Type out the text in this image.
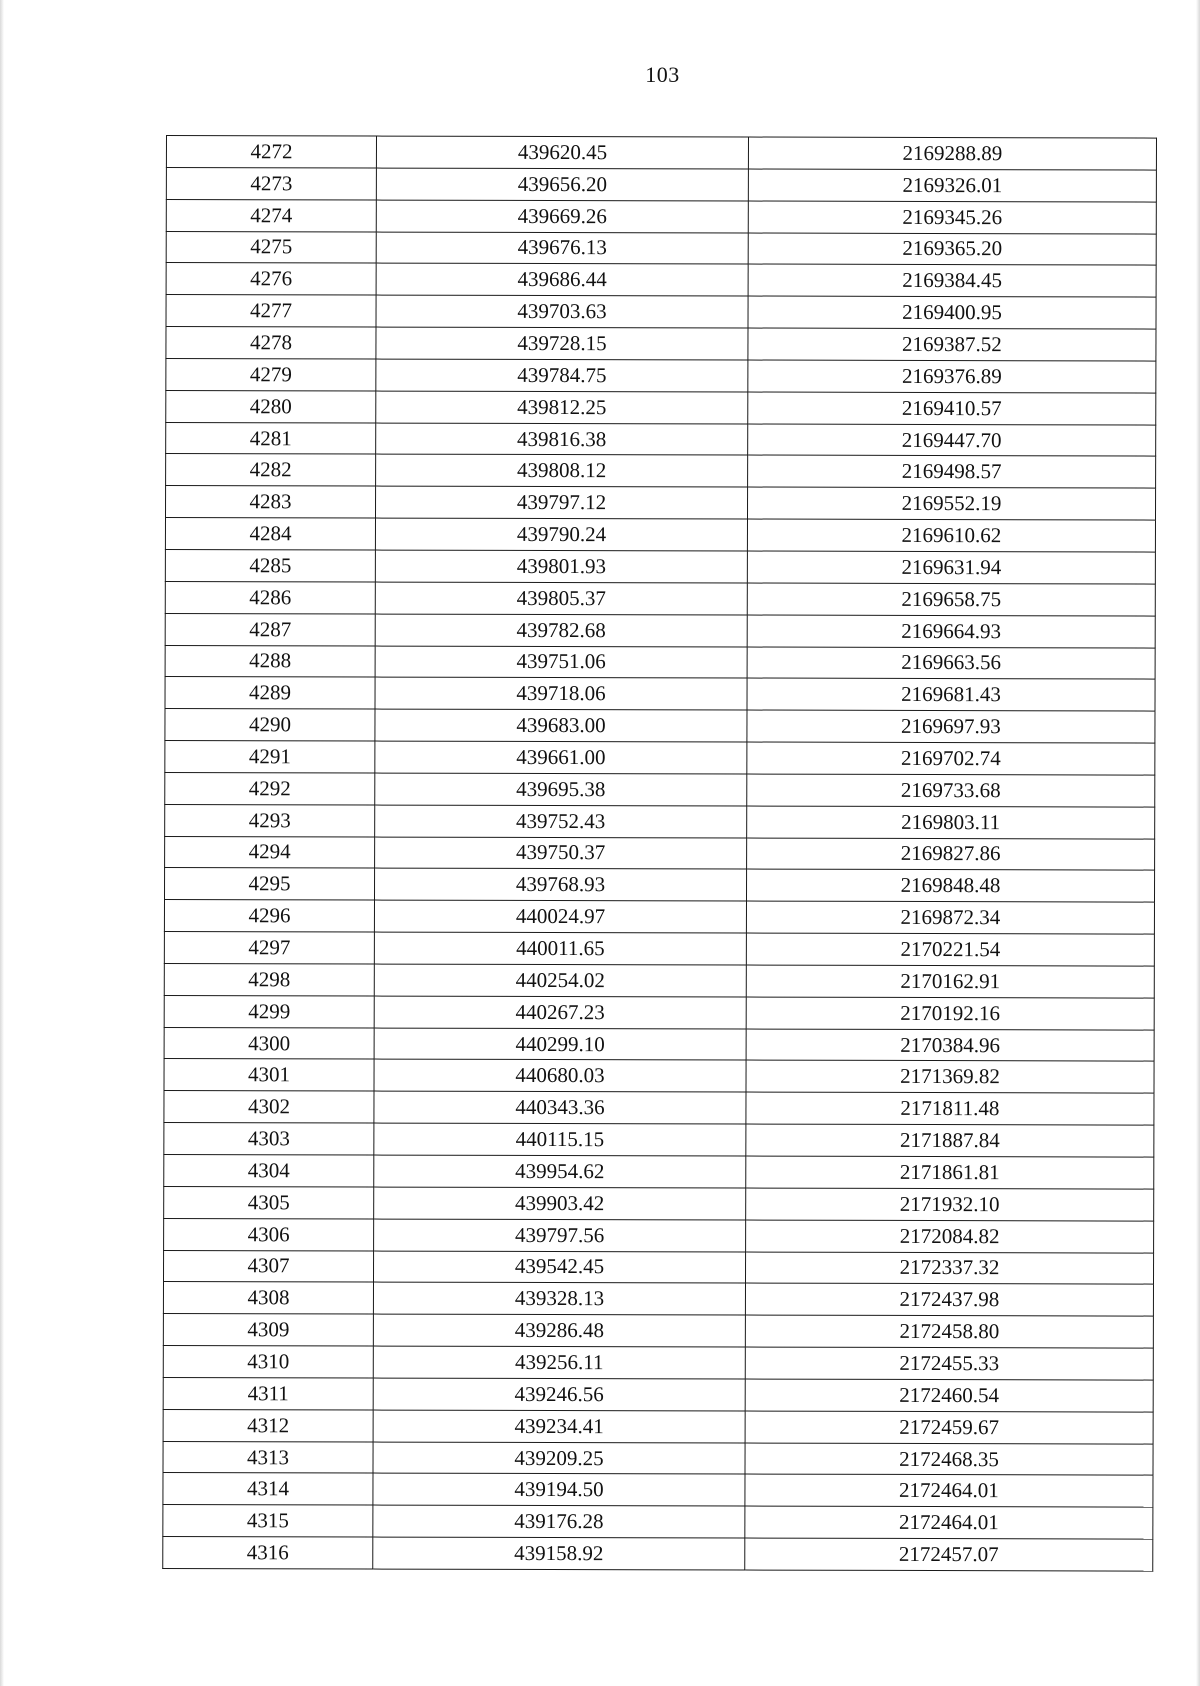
103
4272	439620.45	2169288.89
4273	439656.20	2169326.01
4274	439669.26	2169345.26
4275	439676.13	2169365.20
4276	439686.44	2169384.45
4277	439703.63	2169400.95
4278	439728.15	2169387.52
4279	439784.75	2169376.89
4280	439812.25	2169410.57
4281	439816.38	2169447.70
4282	439808.12	2169498.57
4283	439797.12	2169552.19
4284	439790.24	2169610.62
4285	439801.93	2169631.94
4286	439805.37	2169658.75
4287	439782.68	2169664.93
4288	439751.06	2169663.56
4289	439718.06	2169681.43
4290	439683.00	2169697.93
4291	439661.00	2169702.74
4292	439695.38	2169733.68
4293	439752.43	2169803.11
4294	439750.37	2169827.86
4295	439768.93	2169848.48
4296	440024.97	2169872.34
4297	440011.65	2170221.54
4298	440254.02	2170162.91
4299	440267.23	2170192.16
4300	440299.10	2170384.96
4301	440680.03	2171369.82
4302	440343.36	2171811.48
4303	440115.15	2171887.84
4304	439954.62	2171861.81
4305	439903.42	2171932.10
4306	439797.56	2172084.82
4307	439542.45	2172337.32
4308	439328.13	2172437.98
4309	439286.48	2172458.80
4310	439256.11	2172455.33
4311	439246.56	2172460.54
4312	439234.41	2172459.67
4313	439209.25	2172468.35
4314	439194.50	2172464.01
4315	439176.28	2172464.01
4316	439158.92	2172457.07
